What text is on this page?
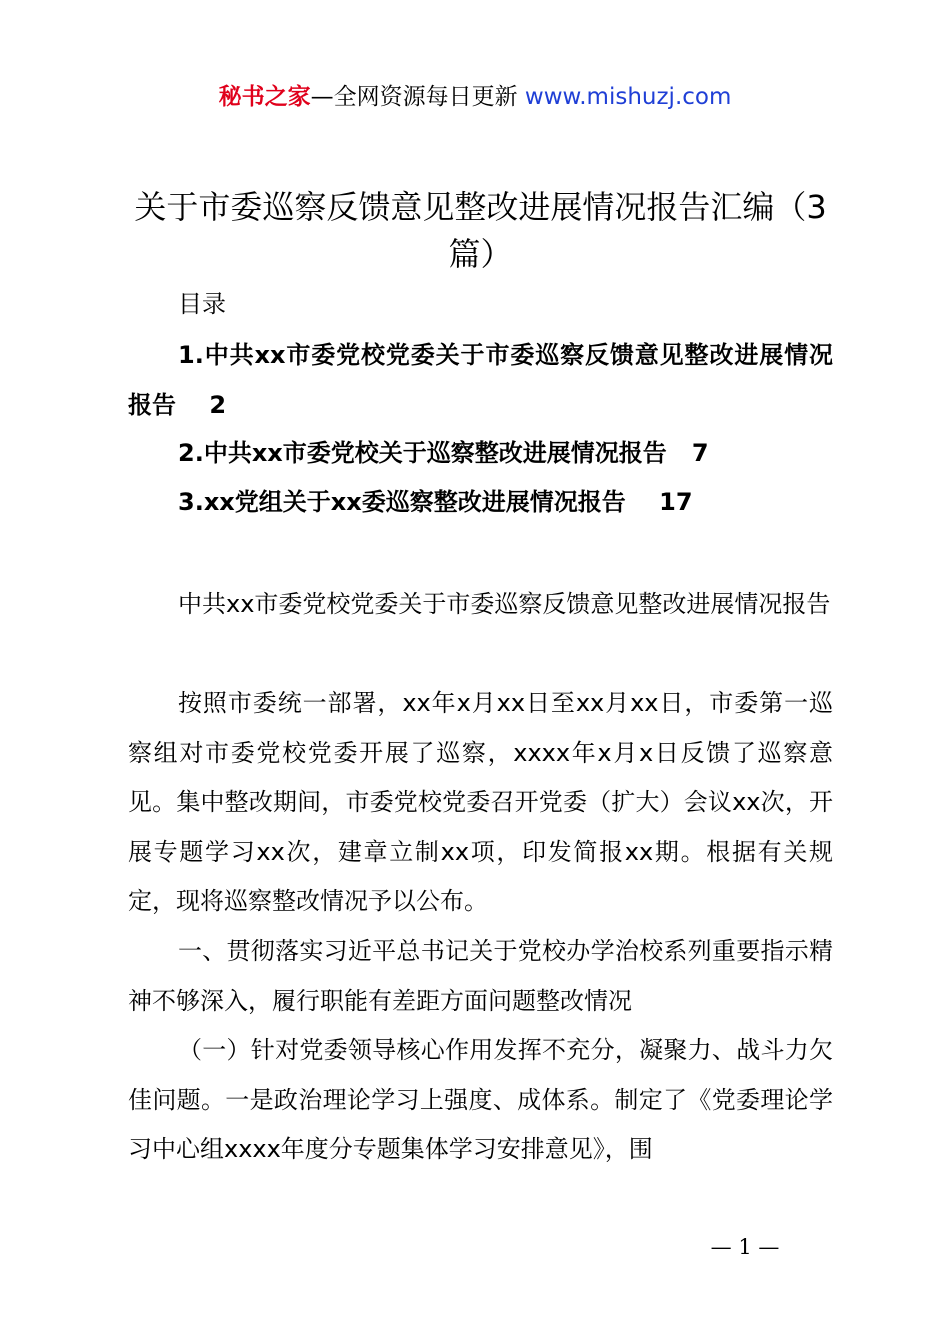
秘书之家—全网资源每日更新 www.mishuzj.com
关于市委巡察反馈意见整改进展情况报告汇编（3篇）
目录

1.中共xx市委党校党委关于市委巡察反馈意见整改进展情况报告 2

2.中共xx市委党校关于巡察整改进展情况报告 7

3.xx党组关于xx委巡察整改进展情况报告 17

中共xx市委党校党委关于市委巡察反馈意见整改进展情况报告

按照市委统一部署，xx年x月xx日至xx月xx日，市委第一巡察组对市委党校党委开展了巡察，xxxx年x月x日反馈了巡察意见。集中整改期间，市委党校党委召开党委（扩大）会议xx次，开展专题学习xx次，建章立制xx项，印发简报xx期。根据有关规定，现将巡察整改情况予以公布。

一、贯彻落实习近平总书记关于党校办学治校系列重要指示精神不够深入，履行职能有差距方面问题整改情况

（一）针对党委领导核心作用发挥不充分，凝聚力、战斗力欠佳问题。一是政治理论学习上强度、成体系。制定了《党委理论学习中心组xxxx年度分专题集体学习安排意见》，围

— 1 —
